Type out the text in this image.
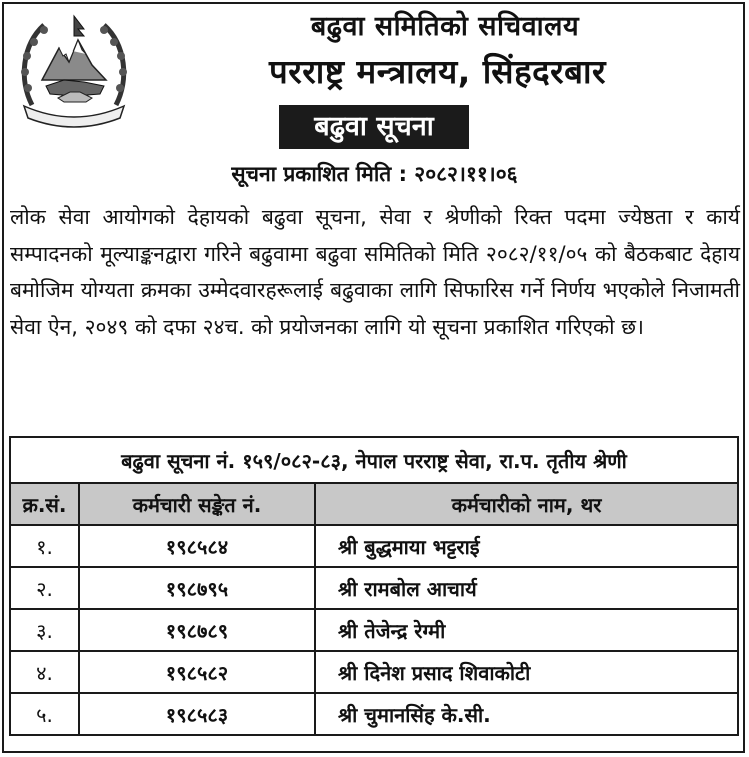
बढुवा समितिको सचिवालय
परराष्ट्र मन्त्रालय, सिंहदरबार
बढुवा सूचना
सूचना प्रकाशित मिति : २०८२।११।०६
लोक सेवा आयोगको देहायको बढुवा सूचना, सेवा र श्रेणीको रिक्त पदमा ज्येष्ठता र कार्य सम्पादनको मूल्याङ्कनद्वारा गरिने बढुवामा बढुवा समितिको मिति २०८२/११/०५ को बैठकबाट देहाय बमोजिम योग्यता क्रमका उम्मेदवारहरूलाई बढुवाका लागि सिफारिस गर्ने निर्णय भएकोले निजामती सेवा ऐन, २०४९ को दफा २४च. को प्रयोजनका लागि यो सूचना प्रकाशित गरिएको छ।
बढुवा सूचना नं. १५९/०८२-८३, नेपाल परराष्ट्र सेवा, रा.प. तृतीय श्रेणी		
क्र.सं.	कर्मचारी सङ्केत नं.	कर्मचारीको नाम, थर
१.	१९८५८४	श्री बुद्धमाया भट्टराई
२.	१९८७९५	श्री रामबोल आचार्य
३.	१९८७८९	श्री तेजेन्द्र रेग्मी
४.	१९८५८२	श्री दिनेश प्रसाद शिवाकोटी
५.	१९८५८३	श्री चुमानसिंह के.सी.
